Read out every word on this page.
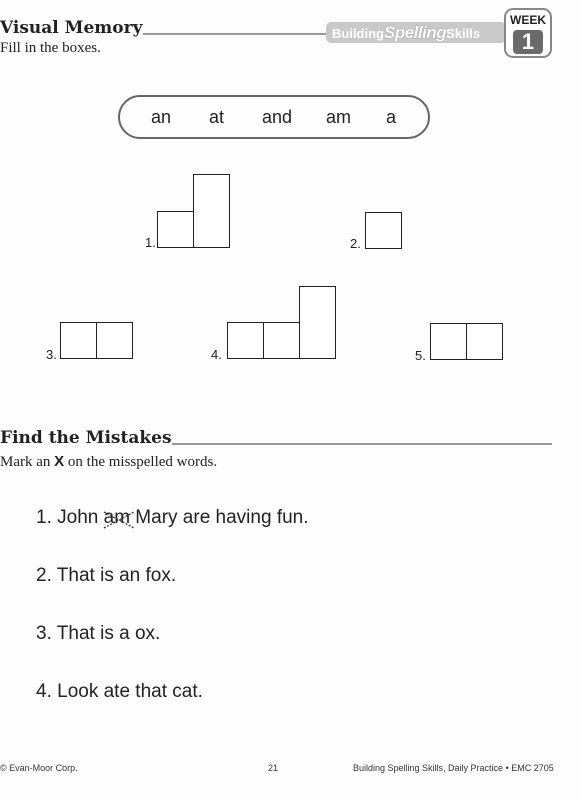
Visual Memory
Fill in the boxes.
BuildingSpellingSkills
WEEK
1
an at and am a
1.	2.
3.	4.	5.
Find the Mistakes
Mark an X on the misspelled words.
1. John am
Mary are having fun.
2. That is an fox.
3. That is a ox.
4. Look ate that cat.
© Evan-Moor Corp.	21	Building Spelling Skills, Daily Practice • EMC 2705
